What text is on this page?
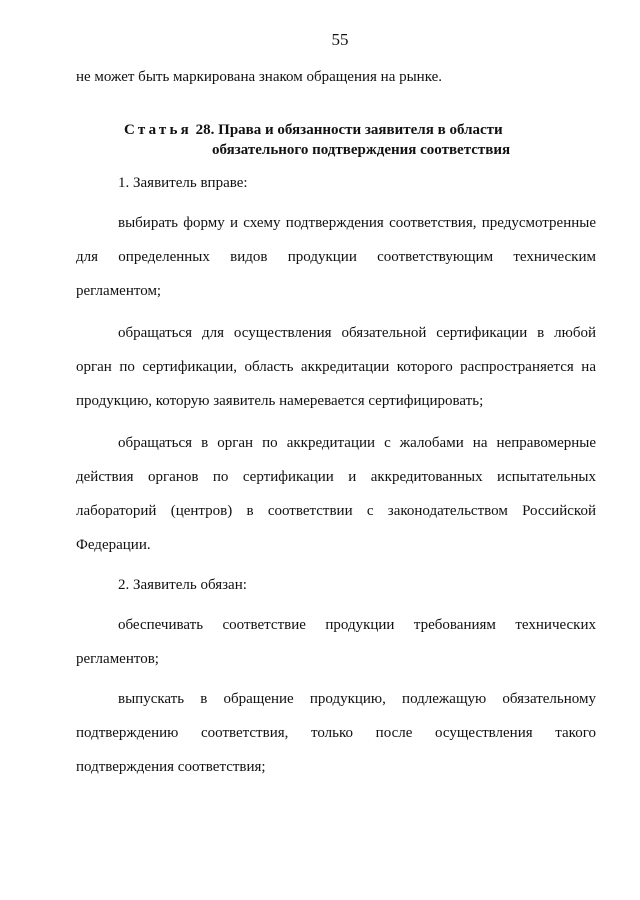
55
не может быть маркирована знаком обращения на рынке.
Статья 28. Права и обязанности заявителя в области
обязательного подтверждения соответствия

1. Заявитель вправе:

выбирать форму и схему подтверждения соответствия, предусмотренные для определенных видов продукции соответствующим техническим регламентом;

обращаться для осуществления обязательной сертификации в любой орган по сертификации, область аккредитации которого распространяется на продукцию, которую заявитель намеревается сертифицировать;

обращаться в орган по аккредитации с жалобами на неправомерные действия органов по сертификации и аккредитованных испытательных лабораторий (центров) в соответствии с законодательством Российской Федерации.

2. Заявитель обязан:

обеспечивать соответствие продукции требованиям технических регламентов;

выпускать в обращение продукцию, подлежащую обязательному подтверждению соответствия, только после осуществления такого подтверждения соответствия;
